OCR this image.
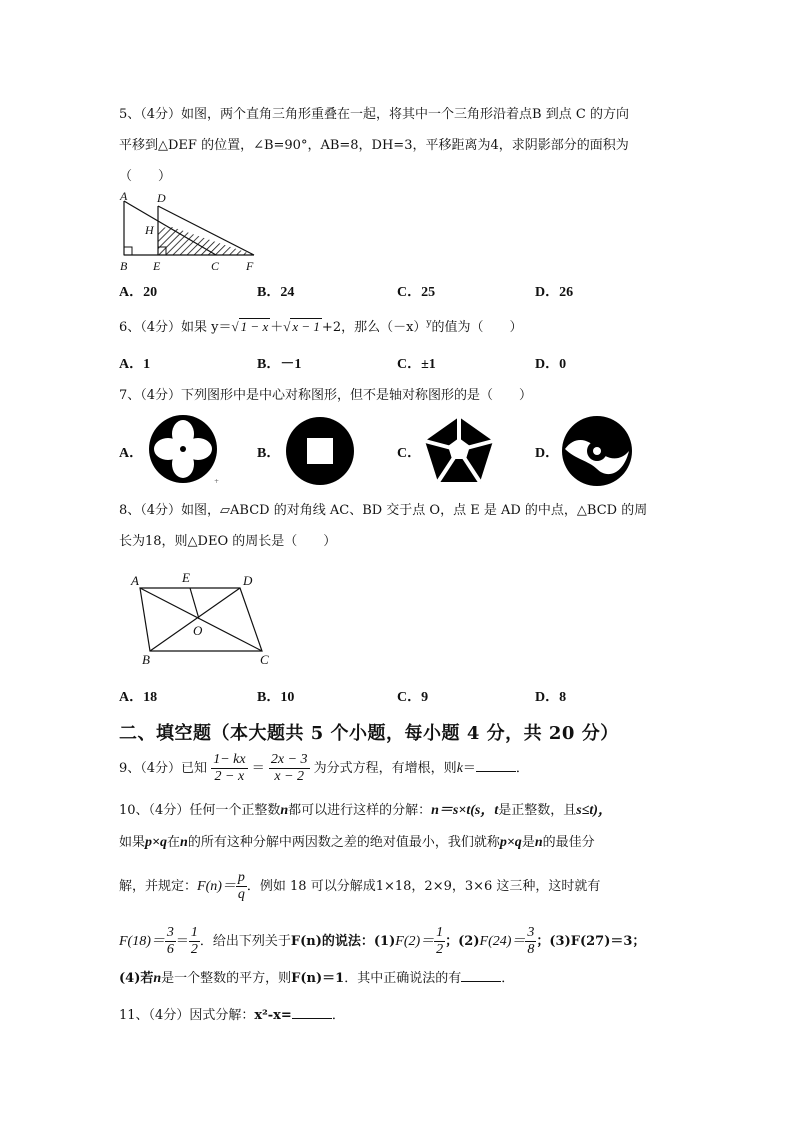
5、（4分）如图，两个直角三角形重叠在一起，将其中一个三角形沿着点B 到点 C 的方向
平移到△DEF 的位置，∠B=90°，AB=8，DH=3，平移距离为4，求阴影部分的面积为
（　　）
A D
H
B E	C F
A．20	B．24	C．25	D．26
6、（4分）如果 y＝√ 1 − x ＋√ x − 1 +2，那么$(-x)^y$的值为（　　）
A．1	B．－1	C．±1	D．0
7、（4分）下列图形中是中心对称图形，但不是轴对称图形的是（　　）
A．
+
B．	C．	D．
8、（4分）如图，▱ABCD 的对角线 AC、BD 交于点 O，点 E 是 AD 的中点，△BCD 的周
长为18，则△DEO 的周长是（　　）
A	E	D
O
B	C
A．18	B．10	C．9	D．8
二、填空题（本大题共 5 个小题，每小题 4 分，共 20 分）
9、（4分）已知 $\frac{1- kx}{2 - x} = \frac{2x - 3}{x - 2}$ 为分式方程，有增根，则k＝	．
10、（4分）任何一个正整数n都可以进行这样的分解：n＝s×t(s，t是正整数，且s≤t)，
如果p×q在n的所有这种分解中两因数之差的绝对值最小，我们就称p×q是n的最佳分
解，并规定：$F(n)= \frac{p}{q}$ ．例如 18 可以分解成1×18，2×9，3×6 这三种，这时就有
$F(18)= \frac{3}{6} = \frac{1}{2}$ ．给出下列关于F(n)的说法：$(1)F(2)= \frac{1}{2}$ ；$(2)F(24)= \frac{3}{8}$ ；(3)F(27)＝3；
(4)若n是一个整数的平方，则F(n)＝1．其中正确说法的有	．
11、（4分）因式分解：x²-x=	．
